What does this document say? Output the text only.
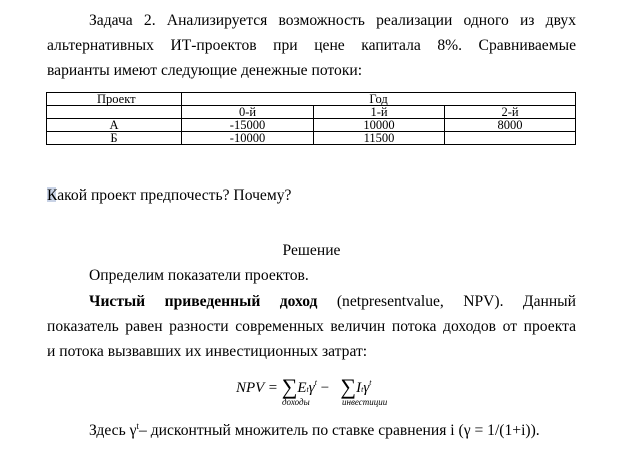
Задача 2. Анализируется возможность реализации одного из двух

альтернативных ИТ-проектов при цене капитала 8%. Сравниваемые

варианты имеют следующие денежные потоки:

Проект	Год		
	0-й	1-й	2-й
А	-15000	10000	8000
Б	-10000	11500	

Какой проект предпочесть? Почему?

Решение

Определим показатели проектов.

Чистый приведенный доход (netpresentvalue, NPV). Данный

показатель равен разности современных величин потока доходов от проекта

и потока вызвавших их инвестиционных затрат:

NPV = ∑Etγ$^t$ − ∑Itγ$^t$
доходы	инвестиции

Здесь $\gamma^t-$ дисконтный множитель по ставке сравнения i (γ = 1/(1+i)).
